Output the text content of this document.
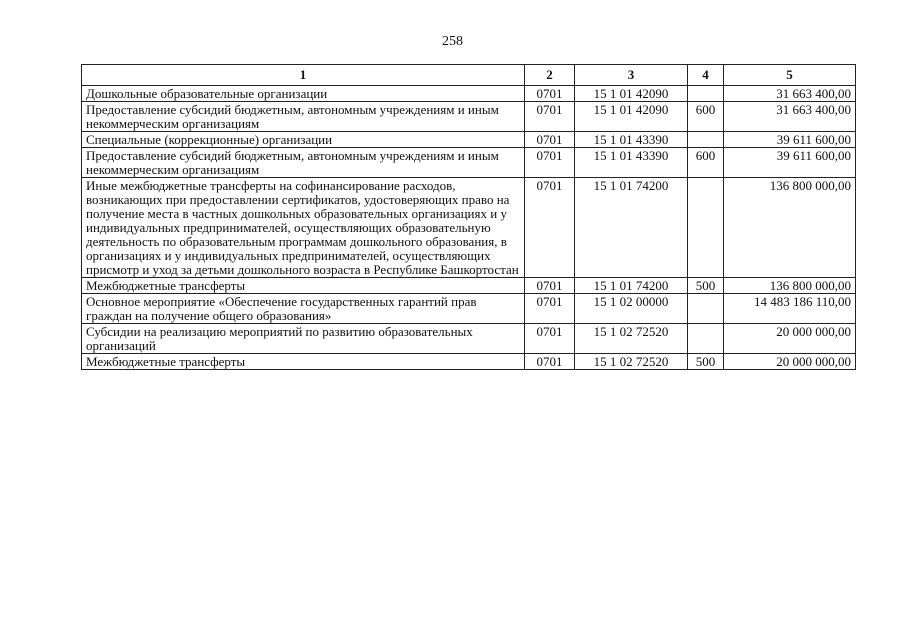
258
1	2	3	4	5
Дошкольные образовательные организации	0701	15 1 01 42090		31 663 400,00
Предоставление субсидий бюджетным, автономным учреждениям и иным некоммерческим организациям	0701	15 1 01 42090	600	31 663 400,00
Специальные (коррекционные) организации	0701	15 1 01 43390		39 611 600,00
Предоставление субсидий бюджетным, автономным учреждениям и иным некоммерческим организациям	0701	15 1 01 43390	600	39 611 600,00
Иные межбюджетные трансферты на софинансирование расходов, возникающих при предоставлении сертификатов, удостоверяющих право на получение места в частных дошкольных образовательных организациях и у индивидуальных предпринимателей, осуществляющих образовательную деятельность по образовательным программам дошкольного образования, в организациях и у индивидуальных предпринимателей, осуществляющих присмотр и уход за детьми дошкольного возраста в Республике Башкортостан	0701	15 1 01 74200		136 800 000,00
Межбюджетные трансферты	0701	15 1 01 74200	500	136 800 000,00
Основное мероприятие «Обеспечение государственных гарантий прав граждан на получение общего образования»	0701	15 1 02 00000		14 483 186 110,00
Субсидии на реализацию мероприятий по развитию образовательных организаций	0701	15 1 02 72520		20 000 000,00
Межбюджетные трансферты	0701	15 1 02 72520	500	20 000 000,00
